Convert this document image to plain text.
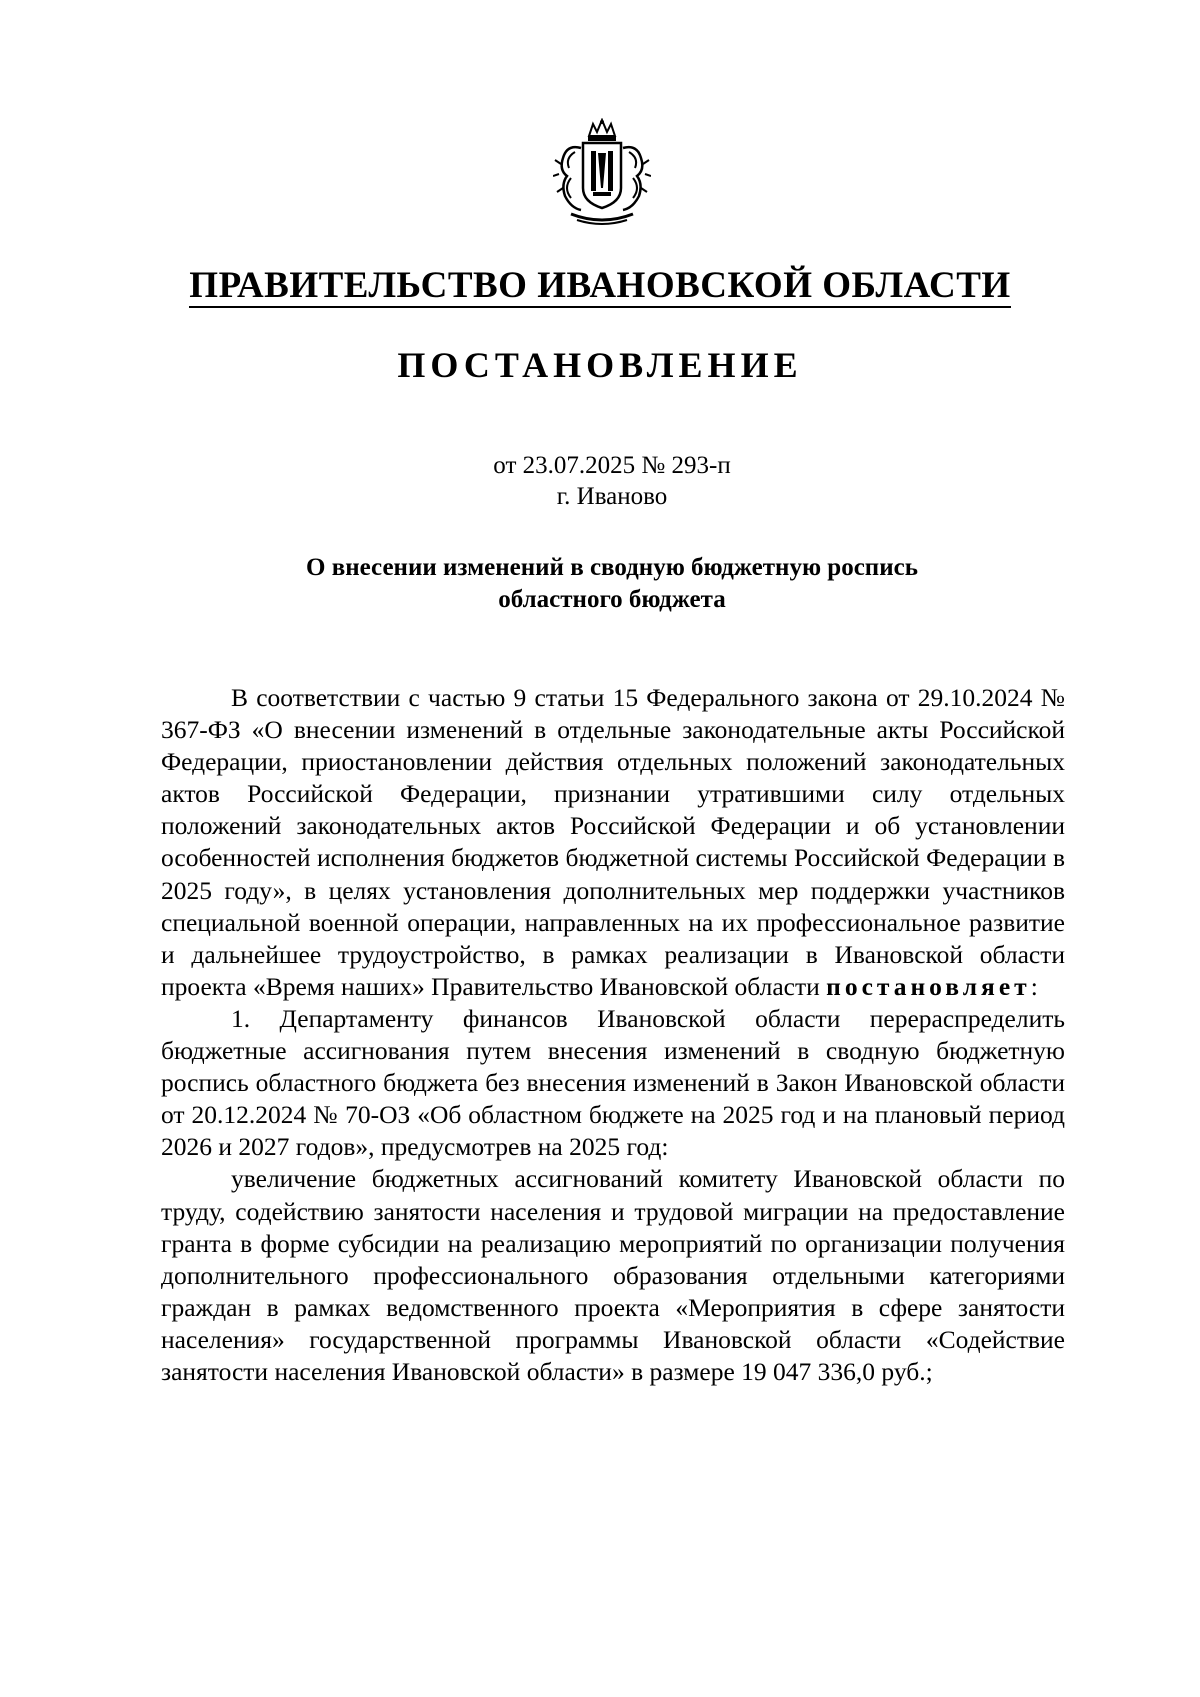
ПРАВИТЕЛЬСТВО ИВАНОВСКОЙ ОБЛАСТИ
ПОСТАНОВЛЕНИЕ
от 23.07.2025 № 293-п
г. Иваново
О внесении изменений в сводную бюджетную роспись
областного бюджета

В соответствии с частью 9 статьи 15 Федерального закона от 29.10.2024 № 367-ФЗ «О внесении изменений в отдельные законодательные акты Российской Федерации, приостановлении действия отдельных положений законодательных актов Российской Федерации, признании утратившими силу отдельных положений законодательных актов Российской Федерации и об установлении особенностей исполнения бюджетов бюджетной системы Российской Федерации в 2025 году», в целях установления дополнительных мер поддержки участников специальной военной операции, направленных на их профессиональное развитие и дальнейшее трудоустройство, в рамках реализации в Ивановской области проекта «Время наших» Правительство Ивановской области постановляет:

1. Департаменту финансов Ивановской области перераспределить бюджетные ассигнования путем внесения изменений в сводную бюджетную роспись областного бюджета без внесения изменений в Закон Ивановской области от 20.12.2024 № 70-ОЗ «Об областном бюджете на 2025 год и на плановый период 2026 и 2027 годов», предусмотрев на 2025 год:

увеличение бюджетных ассигнований комитету Ивановской области по труду, содействию занятости населения и трудовой миграции на предоставление гранта в форме субсидии на реализацию мероприятий по организации получения дополнительного профессионального образования отдельными категориями граждан в рамках ведомственного проекта «Мероприятия в сфере занятости населения» государственной программы Ивановской области «Содействие занятости населения Ивановской области» в размере 19 047 336,0 руб.;
